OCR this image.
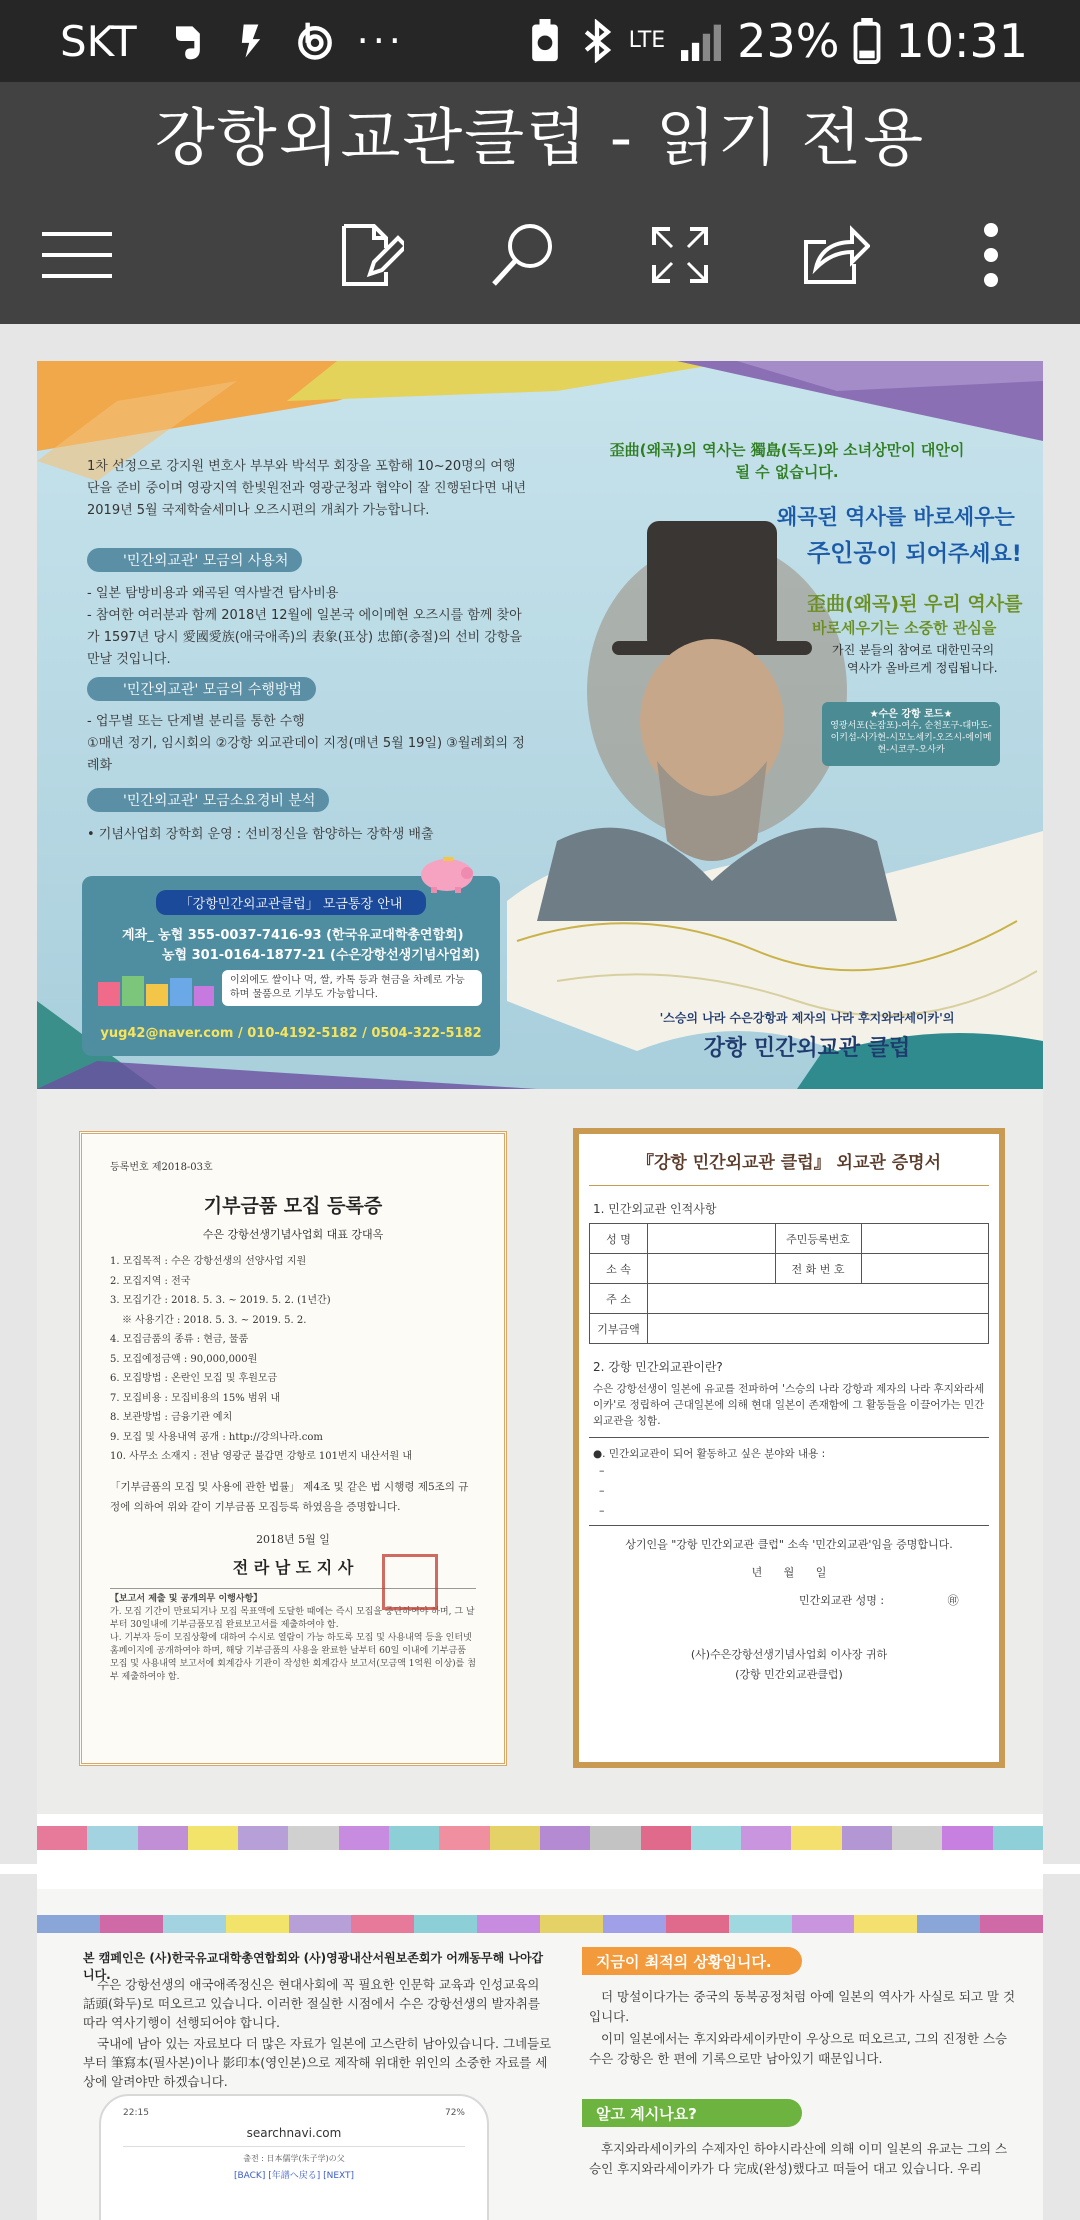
SKT	···	LTE 23% 10:31
강항외교관클럽 - 읽기 전용
1차 선정으로 강지원 변호사 부부와 박석무 회장을 포함해 10~20명의 여행단을 준비 중이며 영광지역 한빛원전과 영광군청과 협약이 잘 진행된다면 내년 2019년 5월 국제학술세미나 오즈시편의 개최가 가능합니다.
'민간외교관' 모금의 사용처
- 일본 탐방비용과 왜곡된 역사발견 탐사비용
- 참여한 여러분과 함께 2018년 12월에 일본국 에이메현 오즈시를 함께 찾아가 1597년 당시 愛國愛族(애국애족)의 表象(표상) 忠節(충절)의 선비 강항을 만날 것입니다.
'민간외교관' 모금의 수행방법
- 업무별 또는 단계별 분리를 통한 수행
①매년 정기, 임시회의 ②강항 외교관데이 지정(매년 5월 19일) ③월례회의 정례화
'민간외교관' 모금소요경비 분석
• 기념사업회 장학회 운영 : 선비정신을 함양하는 장학생 배출
「강항민간외교관클럽」 모금통장 안내
계좌_ 농협 355-0037-7416-93 (한국유교대학총연합회)
농협 301-0164-1877-21 (수은강항선생기념사업회)
이외에도 쌀이나 먹, 쌀, 카톡 등과 현금을 차례로 가능하며 물품으로 기부도 가능합니다.
yug42@naver.com / 010-4192-5182 / 0504-322-5182
歪曲(왜곡)의 역사는 獨島(독도)와 소녀상만이 대안이 될 수 없습니다.
왜곡된 역사를 바로세우는
주인공이 되어주세요!
歪曲(왜곡)된 우리 역사를
바로세우기는 소중한 관심을
가진 분들의 참여로 대한민국의
역사가 올바르게 정립됩니다.
★수은 강항 로드★
영광서포(논잠포)-여수, 순천포구-대마도-이키섬-사가현-시모노세키-오즈시-에이메현-시코쿠-오사카
'스승의 나라 수은강항과 제자의 나라 후지와라세이카'의
강항 민간외교관 클럽
등록번호 제2018-03호
기부금품 모집 등록증
수은 강항선생기념사업회 대표 강대옥
1. 모집목적 : 수은 강항선생의 선양사업 지원
2. 모집지역 : 전국
3. 모집기간 : 2018. 5. 3. ~ 2019. 5. 2. (1년간)
※ 사용기간 : 2018. 5. 3. ~ 2019. 5. 2.
4. 모집금품의 종류 : 현금, 물품
5. 모집예정금액 : 90,000,000원
6. 모집방법 : 온란인 모집 및 후원모금
7. 모집비용 : 모집비용의 15% 범위 내
8. 보관방법 : 금융기관 예치
9. 모집 및 사용내역 공개 : http://강의나라.com
10. 사무소 소재지 : 전남 영광군 불갑면 강항로 101번지 내산서원 내
「기부금품의 모집 및 사용에 관한 법률」 제4조 및 같은 법 시행령 제5조의 규정에 의하여 위와 같이 기부금품 모집등록 하였음을 증명합니다.
2018년 5월 일
전 라 남 도 지 사
【보고서 제출 및 공개의무 이행사항】
가. 모집 기간이 만료되거나 모집 목표액에 도달한 때에는 즉시 모집을 중단하여야 하며, 그 날부터 30일내에 기부금품모집 완료보고서를 제출하여야 함.
나. 기부자 등이 모집상황에 대하여 수시로 열람이 가능 하도록 모집 및 사용내역 등을 인터넷 홈페이지에 공개하여야 하며, 해당 기부금품의 사용을 완료한 날부터 60일 이내에 기부금품 모집 및 사용내역 보고서에 회계감사 기관이 작성한 회계감사 보고서(모금액 1억원 이상)를 첨부 제출하여야 함.
『강항 민간외교관 클럽』 외교관 증명서
1. 민간외교관 인적사항
성 명		주민등록번호	
소 속		전 화 번 호	
주 소			
기부금액			
2. 강항 민간외교관이란?
수은 강항선생이 일본에 유교를 전파하여 '스승의 나라 강항과 제자의 나라 후지와라세이카'로 정립하여 근대일본에 의해 현대 일본이 존재함에 그 활동들을 이끌어가는 민간외교관을 칭함.
●. 민간외교관이 되어 활동하고 싶은 분야와 내용 :
–
–
–
상기인을 "강항 민간외교관 클럽" 소속 '민간외교관'임을 증명합니다.
년 월 일
민간외교관 성명 :	㊞
(사)수은강항선생기념사업회 이사장 귀하
(강항 민간외교관클럽)
본 캠페인은 (사)한국유교대학총연합회와 (사)영광내산서원보존회가 어깨동무해 나아갑니다.
수은 강항선생의 애국애족정신은 현대사회에 꼭 필요한 인문학 교육과 인성교육의 話頭(화두)로 떠오르고 있습니다. 이러한 절실한 시점에서 수은 강항선생의 발자취를 따라 역사기행이 선행되어야 합니다.
국내에 남아 있는 자료보다 더 많은 자료가 일본에 고스란히 남아있습니다. 그네들로부터 筆寫本(필사본)이나 影印本(영인본)으로 제작해 위대한 위인의 소중한 자료를 세상에 알려야만 하겠습니다.
22:15	72%
searchnavi.com
출전 : 日本儒学(朱子学)の父
[BACK] [年譜へ戻る] [NEXT]
지금이 최적의 상황입니다.
더 망설이다가는 중국의 동북공정처럼 아예 일본의 역사가 사실로 되고 말 것입니다.
이미 일본에서는 후지와라세이카만이 우상으로 떠오르고, 그의 진정한 스승 수은 강항은 한 편에 기록으로만 남아있기 때문입니다.
알고 계시나요?
후지와라세이카의 수제자인 하야시라산에 의해 이미 일본의 유교는 그의 스승인 후지와라세이카가 다 完成(완성)했다고 떠들어 대고 있습니다. 우리
